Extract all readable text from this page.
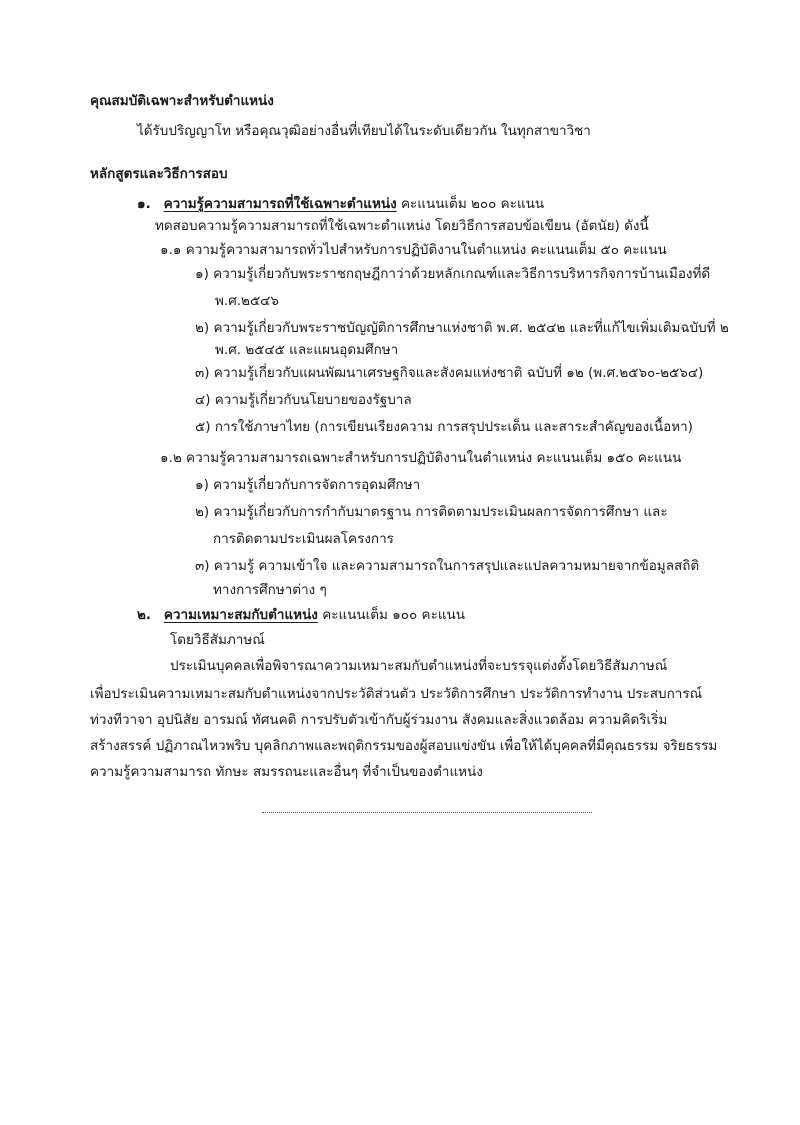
คุณสมบัติเฉพาะสำหรับตำแหน่ง
ได้รับปริญญาโท หรือคุณวุฒิอย่างอื่นที่เทียบได้ในระดับเดียวกัน ในทุกสาขาวิชา
หลักสูตรและวิธีการสอบ
๑. ความรู้ความสามารถที่ใช้เฉพาะตำแหน่ง คะแนนเต็ม ๒๐๐ คะแนน
ทดสอบความรู้ความสามารถที่ใช้เฉพาะตำแหน่ง โดยวิธีการสอบข้อเขียน (อัตนัย) ดังนี้
๑.๑ ความรู้ความสามารถทั่วไปสำหรับการปฏิบัติงานในตำแหน่ง คะแนนเต็ม ๕๐ คะแนน
๑) ความรู้เกี่ยวกับพระราชกฤษฎีกาว่าด้วยหลักเกณฑ์และวิธีการบริหารกิจการบ้านเมืองที่ดี
พ.ศ.๒๕๔๖
๒) ความรู้เกี่ยวกับพระราชบัญญัติการศึกษาแห่งชาติ พ.ศ. ๒๕๔๒ และที่แก้ไขเพิ่มเติมฉบับที่ ๒
พ.ศ. ๒๕๔๕ และแผนอุดมศึกษา
๓) ความรู้เกี่ยวกับแผนพัฒนาเศรษฐกิจและสังคมแห่งชาติ ฉบับที่ ๑๒ (พ.ศ.๒๕๖๐-๒๕๖๔)
๔) ความรู้เกี่ยวกับนโยบายของรัฐบาล
๕) การใช้ภาษาไทย (การเขียนเรียงความ การสรุปประเด็น และสาระสำคัญของเนื้อหา)
๑.๒ ความรู้ความสามารถเฉพาะสำหรับการปฏิบัติงานในตำแหน่ง คะแนนเต็ม ๑๕๐ คะแนน
๑) ความรู้เกี่ยวกับการจัดการอุดมศึกษา
๒) ความรู้เกี่ยวกับการกำกับมาตรฐาน การติดตามประเมินผลการจัดการศึกษา และ
การติดตามประเมินผลโครงการ
๓) ความรู้ ความเข้าใจ และความสามารถในการสรุปและแปลความหมายจากข้อมูลสถิติ
ทางการศึกษาต่าง ๆ
๒. ความเหมาะสมกับตำแหน่ง คะแนนเต็ม ๑๐๐ คะแนน
โดยวิธีสัมภาษณ์
ประเมินบุคคลเพื่อพิจารณาความเหมาะสมกับตำแหน่งที่จะบรรจุแต่งตั้งโดยวิธีสัมภาษณ์
เพื่อประเมินความเหมาะสมกับตำแหน่งจากประวัติส่วนตัว ประวัติการศึกษา ประวัติการทำงาน ประสบการณ์
ท่วงทีวาจา อุปนิสัย อารมณ์ ทัศนคติ การปรับตัวเข้ากับผู้ร่วมงาน สังคมและสิ่งแวดล้อม ความคิดริเริ่ม
สร้างสรรค์ ปฏิภาณไหวพริบ บุคลิกภาพและพฤติกรรมของผู้สอบแข่งขัน เพื่อให้ได้บุคคลที่มีคุณธรรม จริยธรรม
ความรู้ความสามารถ ทักษะ สมรรถนะและอื่นๆ ที่จำเป็นของตำแหน่ง
